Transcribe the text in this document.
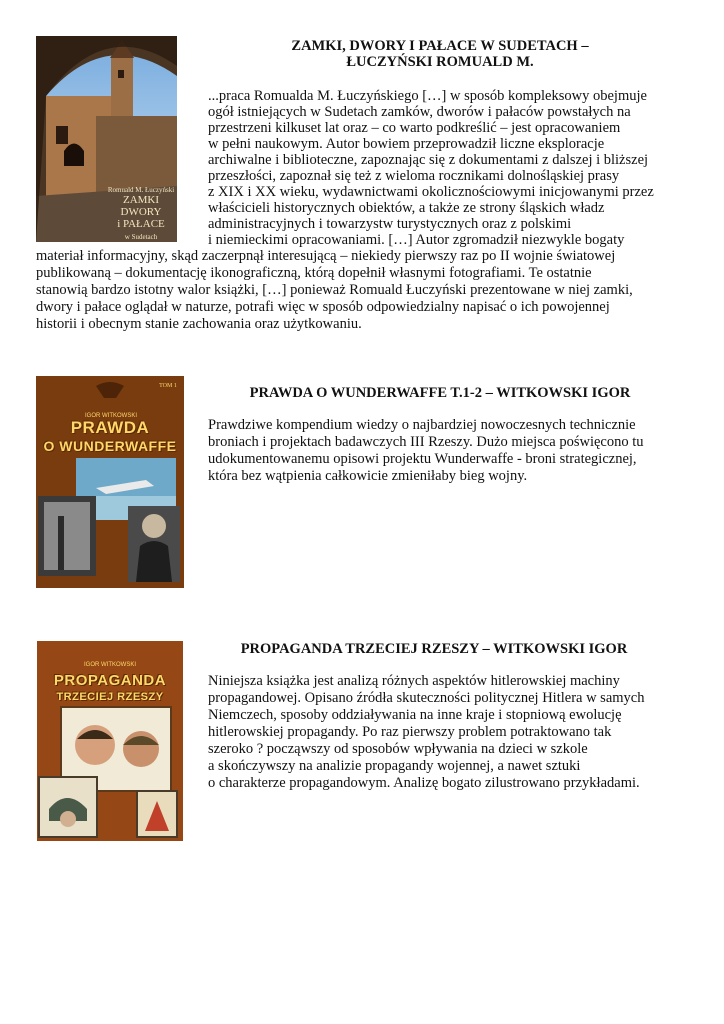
Romuald M. Łuczyński
ZAMKI
DWORY
i PAŁACE
w Sudetach
ZAMKI, DWORY I PAŁACE W SUDETACH –
ŁUCZYŃSKI ROMUALD M.
...praca Romualda M. Łuczyńskiego […] w sposób kompleksowy obejmuje
ogół istniejących w Sudetach zamków, dworów i pałaców powstałych na
przestrzeni kilkuset lat oraz – co warto podkreślić – jest opracowaniem
w pełni naukowym. Autor bowiem przeprowadził liczne eksploracje
archiwalne i biblioteczne, zapoznając się z dokumentami z dalszej i bliższej
przeszłości, zapoznał się też z wieloma rocznikami dolnośląskiej prasy
z XIX i XX wieku, wydawnictwami okolicznościowymi inicjowanymi przez
właścicieli historycznych obiektów, a także ze strony śląskich władz
administracyjnych i towarzystw turystycznych oraz z polskimi
i niemieckimi opracowaniami. […] Autor zgromadził niezwykle bogaty
materiał informacyjny, skąd zaczerpnął interesującą – niekiedy pierwszy raz po II wojnie światowej
publikowaną – dokumentację ikonograficzną, którą dopełnił własnymi fotografiami. Te ostatnie
stanowią bardzo istotny walor książki, […] ponieważ Romuald Łuczyński prezentowane w niej zamki,
dwory i pałace oglądał w naturze, potrafi więc w sposób odpowiedzialny napisać o ich powojennej
historii i obecnym stanie zachowania oraz użytkowaniu.
TOM 1
IGOR WITKOWSKI
PRAWDA
O WUNDERWAFFE
PRAWDA O WUNDERWAFFE T.1-2 – WITKOWSKI IGOR
Prawdziwe kompendium wiedzy o najbardziej nowoczesnych technicznie
broniach i projektach badawczych III Rzeszy. Dużo miejsca poświęcono tu
udokumentowanemu opisowi projektu Wunderwaffe - broni strategicznej,
która bez wątpienia całkowicie zmieniłaby bieg wojny.
IGOR WITKOWSKI
PROPAGANDA
TRZECIEJ RZESZY
PROPAGANDA TRZECIEJ RZESZY – WITKOWSKI IGOR
Niniejsza książka jest analizą różnych aspektów hitlerowskiej machiny
propagandowej. Opisano źródła skuteczności politycznej Hitlera w samych
Niemczech, sposoby oddziaływania na inne kraje i stopniową ewolucję
hitlerowskiej propagandy. Po raz pierwszy problem potraktowano tak
szeroko ? począwszy od sposobów wpływania na dzieci w szkole
a skończywszy na analizie propagandy wojennej, a nawet sztuki
o charakterze propagandowym. Analizę bogato zilustrowano przykładami.
